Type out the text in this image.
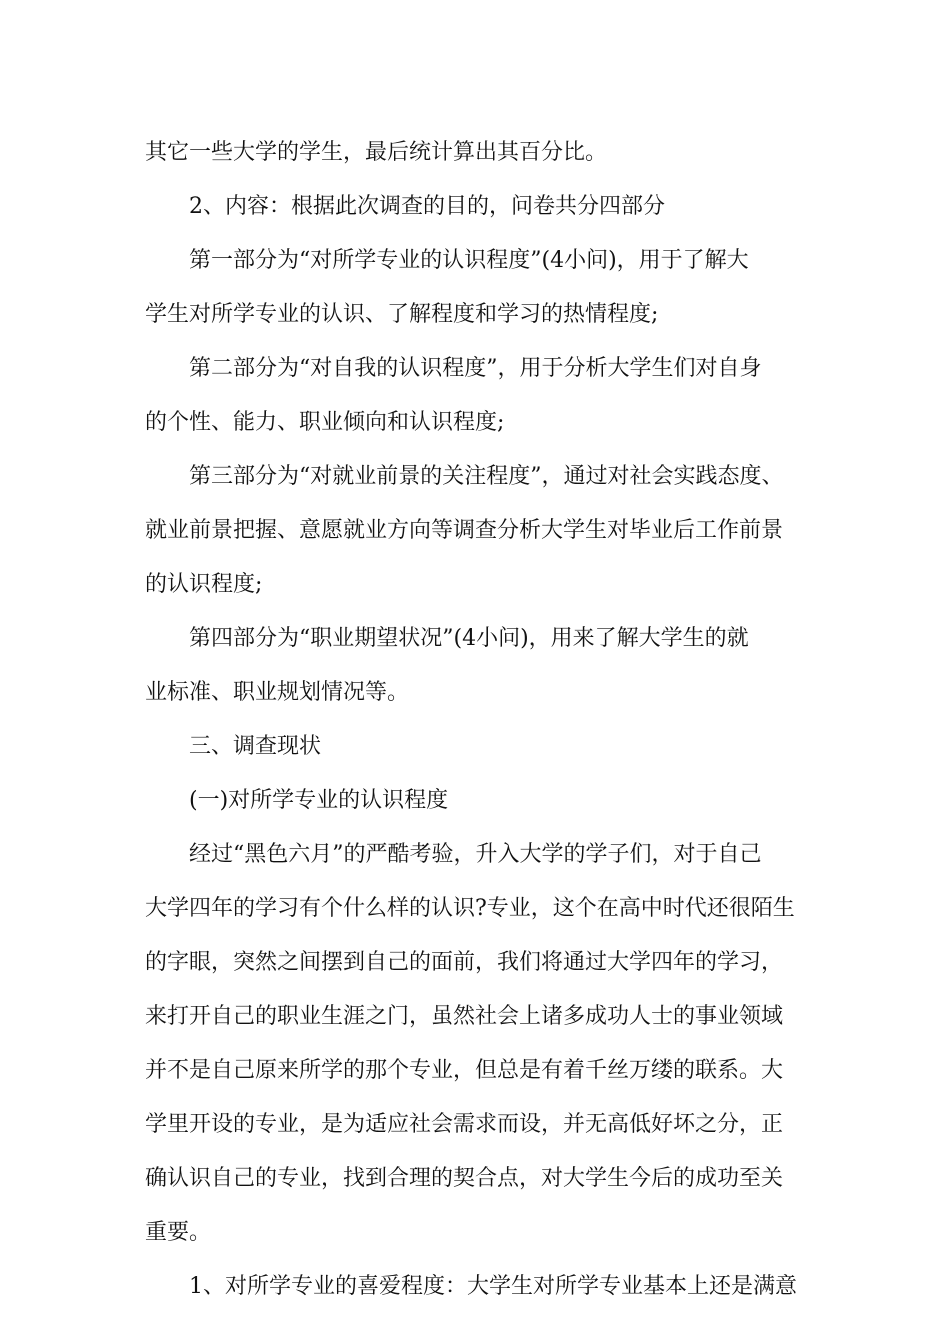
其它一些大学的学生，最后统计算出其百分比。
2、内容：根据此次调查的目的，问卷共分四部分
第一部分为“对所学专业的认识程度”(4小问)，用于了解大
学生对所学专业的认识、了解程度和学习的热情程度;
第二部分为“对自我的认识程度”，用于分析大学生们对自身
的个性、能力、职业倾向和认识程度;
第三部分为“对就业前景的关注程度”，通过对社会实践态度、
就业前景把握、意愿就业方向等调查分析大学生对毕业后工作前景
的认识程度;
第四部分为“职业期望状况”(4小问)，用来了解大学生的就
业标准、职业规划情况等。
三、调查现状
(一)对所学专业的认识程度
经过“黑色六月”的严酷考验，升入大学的学子们，对于自己
大学四年的学习有个什么样的认识?专业，这个在高中时代还很陌生
的字眼，突然之间摆到自己的面前，我们将通过大学四年的学习，
来打开自己的职业生涯之门，虽然社会上诸多成功人士的事业领域
并不是自己原来所学的那个专业，但总是有着千丝万缕的联系。大
学里开设的专业，是为适应社会需求而设，并无高低好坏之分，正
确认识自己的专业，找到合理的契合点，对大学生今后的成功至关
重要。
1、对所学专业的喜爱程度：大学生对所学专业基本上还是满意
